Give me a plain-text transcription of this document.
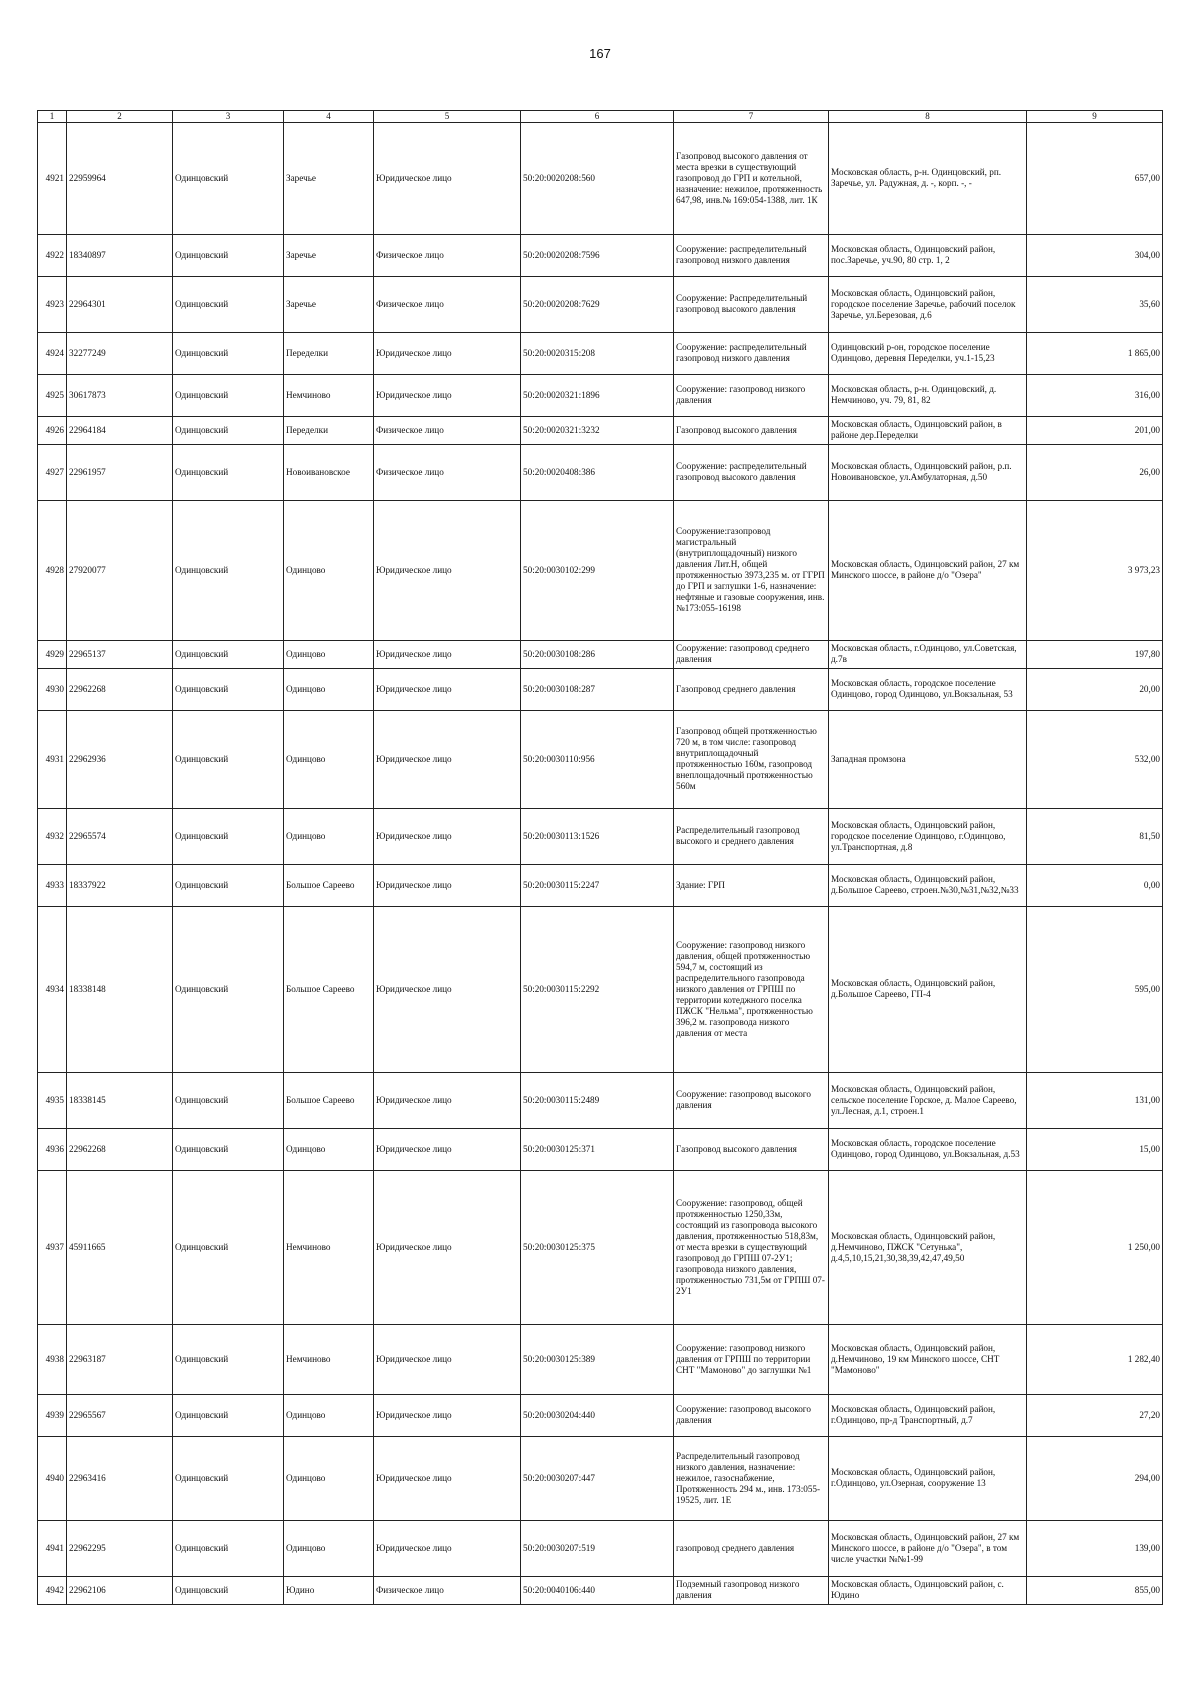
167
1	2	3	4	5	6	7	8	9
4921	22959964	Одинцовский	Заречье	Юридическое лицо	50:20:0020208:560	Газопровод высокого давления от места врезки в существующий газопровод до ГРП и котельной, назначение: нежилое, протяженность 647,98, инв.№ 169:054-1388, лит. 1К	Московская область, р-н. Одинцовский, рп. Заречье, ул. Радужная, д. -, корп. -, -	657,00
4922	18340897	Одинцовский	Заречье	Физическое лицо	50:20:0020208:7596	Сооружение: распределительный газопровод низкого давления	Московская область, Одинцовский район, пос.Заречье, уч.90, 80 стр. 1, 2	304,00
4923	22964301	Одинцовский	Заречье	Физическое лицо	50:20:0020208:7629	Сооружение: Распределительный газопровод высокого давления	Московская область, Одинцовский район, городское поселение Заречье, рабочий поселок Заречье, ул.Березовая, д.6	35,60
4924	32277249	Одинцовский	Переделки	Юридическое лицо	50:20:0020315:208	Сооружение: распределительный газопровод низкого давления	Одинцовский р-он, городское поселение Одинцово, деревня Переделки, уч.1-15,23	1 865,00
4925	30617873	Одинцовский	Немчиново	Юридическое лицо	50:20:0020321:1896	Сооружение: газопровод низкого давления	Московская область, р-н. Одинцовский, д. Немчиново, уч. 79, 81, 82	316,00
4926	22964184	Одинцовский	Переделки	Физическое лицо	50:20:0020321:3232	Газопровод высокого давления	Московская область, Одинцовский район, в районе дер.Переделки	201,00
4927	22961957	Одинцовский	Новоивановское	Физическое лицо	50:20:0020408:386	Сооружение: распределительный газопровод высокого давления	Московская область, Одинцовский район, р.п. Новоивановское, ул.Амбулаторная, д.50	26,00
4928	27920077	Одинцовский	Одинцово	Юридическое лицо	50:20:0030102:299	Сооружение:газопровод магистральный (внутриплощадочный) низкого давления Лит.Н, общей протяженностью 3973,235 м. от ГГРП до ГРП и заглушки 1-6, назначение: нефтяные и газовые сооружения, инв.№173:055-16198	Московская область, Одинцовский район, 27 км Минского шоссе, в районе д/о "Озера"	3 973,23
4929	22965137	Одинцовский	Одинцово	Юридическое лицо	50:20:0030108:286	Сооружение: газопровод среднего давления	Московская область, г.Одинцово, ул.Советская, д.7в	197,80
4930	22962268	Одинцовский	Одинцово	Юридическое лицо	50:20:0030108:287	Газопровод среднего давления	Московская область, городское поселение Одинцово, город Одинцово, ул.Вокзальная, 53	20,00
4931	22962936	Одинцовский	Одинцово	Юридическое лицо	50:20:0030110:956	Газопровод общей протяженностью 720 м, в том числе: газопровод внутриплощадочный протяженностью 160м, газопровод внеплощадочный протяженностью 560м	Западная промзона	532,00
4932	22965574	Одинцовский	Одинцово	Юридическое лицо	50:20:0030113:1526	Распределительный газопровод высокого и среднего давления	Московская область, Одинцовский район, городское поселение Одинцово, г.Одинцово, ул.Транспортная, д.8	81,50
4933	18337922	Одинцовский	Большое Сареево	Юридическое лицо	50:20:0030115:2247	Здание: ГРП	Московская область, Одинцовский район, д.Большое Сареево, строен.№30,№31,№32,№33	0,00
4934	18338148	Одинцовский	Большое Сареево	Юридическое лицо	50:20:0030115:2292	Сооружение: газопровод низкого давления, общей протяженностью 594,7 м, состоящий из распределительного газопровода низкого давления от ГРПШ по территории котеджного поселка ПЖСК "Нельма", протяженностью 396,2 м. газопровода низкого давления от места	Московская область, Одинцовский район, д.Большое Сареево, ГП-4	595,00
4935	18338145	Одинцовский	Большое Сареево	Юридическое лицо	50:20:0030115:2489	Сооружение: газопровод высокого давления	Московская область, Одинцовский район, сельское поселение Горское, д. Малое Сареево, ул.Лесная, д.1, строен.1	131,00
4936	22962268	Одинцовский	Одинцово	Юридическое лицо	50:20:0030125:371	Газопровод высокого давления	Московская область, городское поселение Одинцово, город Одинцово, ул.Вокзальная, д.53	15,00
4937	45911665	Одинцовский	Немчиново	Юридическое лицо	50:20:0030125:375	Сооружение: газопровод, общей протяженностью 1250,33м, состоящий из газопровода высокого давления, протяженностью 518,83м, от места врезки в существующий газопровод до ГРПШ 07-2У1; газопровода низкого давления, протяженностью 731,5м от ГРПШ 07-2У1	Московская область, Одинцовский район, д.Немчиново, ПЖСК "Сетунька", д.4,5,10,15,21,30,38,39,42,47,49,50	1 250,00
4938	22963187	Одинцовский	Немчиново	Юридическое лицо	50:20:0030125:389	Сооружение: газопровод низкого давления от ГРПШ по территории СНТ "Мамоново" до заглушки №1	Московская область, Одинцовский район, д.Немчиново, 19 км Минского шоссе, СНТ "Мамоново"	1 282,40
4939	22965567	Одинцовский	Одинцово	Юридическое лицо	50:20:0030204:440	Сооружение: газопровод высокого давления	Московская область, Одинцовский район, г.Одинцово, пр-д Транспортный, д.7	27,20
4940	22963416	Одинцовский	Одинцово	Юридическое лицо	50:20:0030207:447	Распределительный газопровод низкого давления, назначение: нежилое, газоснабжение, Протяженность 294 м., инв. 173:055-19525, лит. 1Е	Московская область, Одинцовский район, г.Одинцово, ул.Озерная, сооружение 13	294,00
4941	22962295	Одинцовский	Одинцово	Юридическое лицо	50:20:0030207:519	газопровод среднего давления	Московская область, Одинцовский район, 27 км Минского шоссе, в районе д/о "Озера", в том числе участки №№1-99	139,00
4942	22962106	Одинцовский	Юдино	Физическое лицо	50:20:0040106:440	Подземный газопровод низкого давления	Московская область, Одинцовский район, с. Юдино	855,00
